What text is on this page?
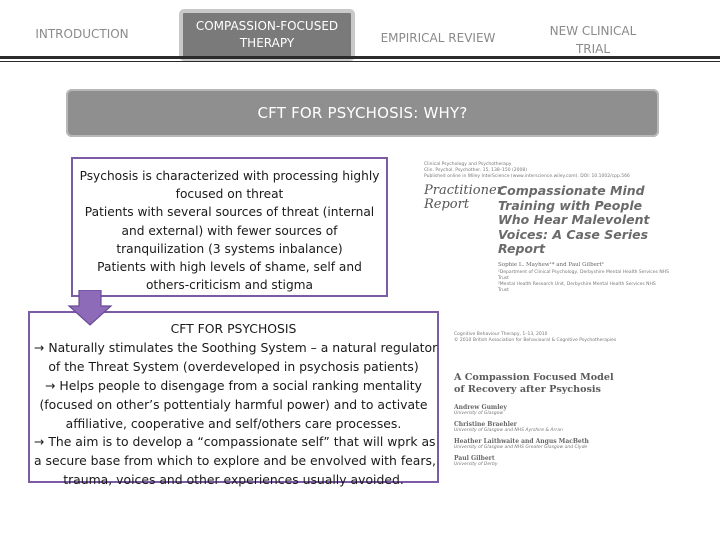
INTRODUCTION
COMPASSION-FOCUSED THERAPY	EMPIRICAL REVIEW	NEW CLINICAL TRIAL
CFT FOR PSYCHOSIS: WHY?
Psychosis is characterized with processing highly
focused on threat
Patients with several sources of threat (internal
and external) with fewer sources of
tranquilization (3 systems inbalance)
Patients with high levels of shame, self and
others-criticism and stigma
CFT FOR PSYCHOSIS
→ Naturally stimulates the Soothing System – a natural regulator
of the Threat System (overdeveloped in psychosis patients)
→ Helps people to disengage from a social ranking mentality
(focused on other’s pottentialy harmful power) and to activate
affiliative, cooperative and self/others care processes.
→ The aim is to develop a “compassionate self” that will wprk as
a secure base from which to explore and be envolved with fears,
trauma, voices and other experiences usually avoided.
Clinical Psychology and Psychotherapy
Clin. Psychol. Psychother. 15, 138–150 (2008)
Published online in Wiley InterScience (www.interscience.wiley.com). DOI: 10.1002/cpp.566
Practitioner Report
Compassionate Mind
Training with People
Who Hear Malevolent
Voices: A Case Series
Report
Sophie L. Mayhew¹* and Paul Gilbert²
¹Department of Clinical Psychology, Derbyshire Mental Health Services NHS
Trust
²Mental Health Research Unit, Derbyshire Mental Health Services NHS
Trust
Cognitive Behaviour Therapy, 1–13, 2010
© 2010 British Association for Behavioural & Cognitive Psychotherapies
A Compassion Focused Model
of Recovery after Psychosis
Andrew Gumley
University of Glasgow
Christine Braehler
University of Glasgow and NHS Ayrshire & Arran
Heather Laithwaite and Angus MacBeth
University of Glasgow and NHS Greater Glasgow and Clyde
Paul Gilbert
University of Derby
